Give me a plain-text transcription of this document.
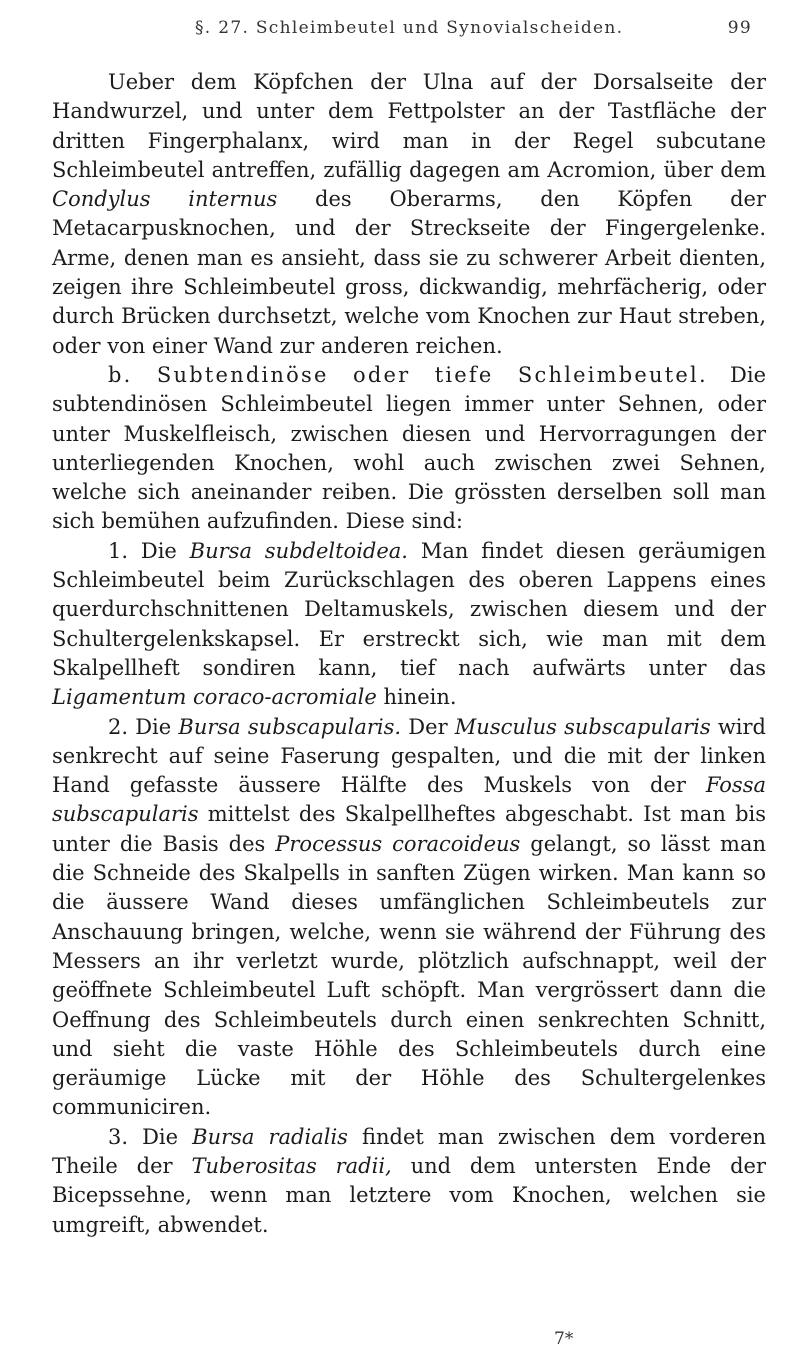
§. 27. Schleimbeutel und Synovialscheiden.	99

Ueber dem Köpfchen der Ulna auf der Dorsalseite der Handwurzel, und unter dem Fettpolster an der Tastfläche der dritten Fingerphalanx, wird man in der Regel subcutane Schleimbeutel antreffen, zufällig dagegen am Acromion, über dem Condylus internus des Oberarms, den Köpfen der Metacarpusknochen, und der Streckseite der Fingergelenke. Arme, denen man es ansieht, dass sie zu schwerer Arbeit dienten, zeigen ihre Schleimbeutel gross, dickwandig, mehrfächerig, oder durch Brücken durchsetzt, welche vom Knochen zur Haut streben, oder von einer Wand zur anderen reichen.

b. Subtendinöse oder tiefe Schleimbeutel. Die subtendinösen Schleimbeutel liegen immer unter Sehnen, oder unter Muskelfleisch, zwischen diesen und Hervorragungen der unterliegenden Knochen, wohl auch zwischen zwei Sehnen, welche sich aneinander reiben. Die grössten derselben soll man sich bemühen aufzufinden. Diese sind:

1. Die Bursa subdeltoidea. Man findet diesen geräumigen Schleimbeutel beim Zurückschlagen des oberen Lappens eines querdurchschnittenen Deltamuskels, zwischen diesem und der Schultergelenkskapsel. Er erstreckt sich, wie man mit dem Skalpellheft sondiren kann, tief nach aufwärts unter das Ligamentum coraco-acromiale hinein.

2. Die Bursa subscapularis. Der Musculus subscapularis wird senkrecht auf seine Faserung gespalten, und die mit der linken Hand gefasste äussere Hälfte des Muskels von der Fossa subscapularis mittelst des Skalpellheftes abgeschabt. Ist man bis unter die Basis des Processus coracoideus gelangt, so lässt man die Schneide des Skalpells in sanften Zügen wirken. Man kann so die äussere Wand dieses umfänglichen Schleimbeutels zur Anschauung bringen, welche, wenn sie während der Führung des Messers an ihr verletzt wurde, plötzlich aufschnappt, weil der geöffnete Schleimbeutel Luft schöpft. Man vergrössert dann die Oeffnung des Schleimbeutels durch einen senkrechten Schnitt, und sieht die vaste Höhle des Schleimbeutels durch eine geräumige Lücke mit der Höhle des Schultergelenkes communiciren.

3. Die Bursa radialis findet man zwischen dem vorderen Theile der Tuberositas radii, und dem untersten Ende der Bicepssehne, wenn man letztere vom Knochen, welchen sie umgreift, abwendet.

7*
